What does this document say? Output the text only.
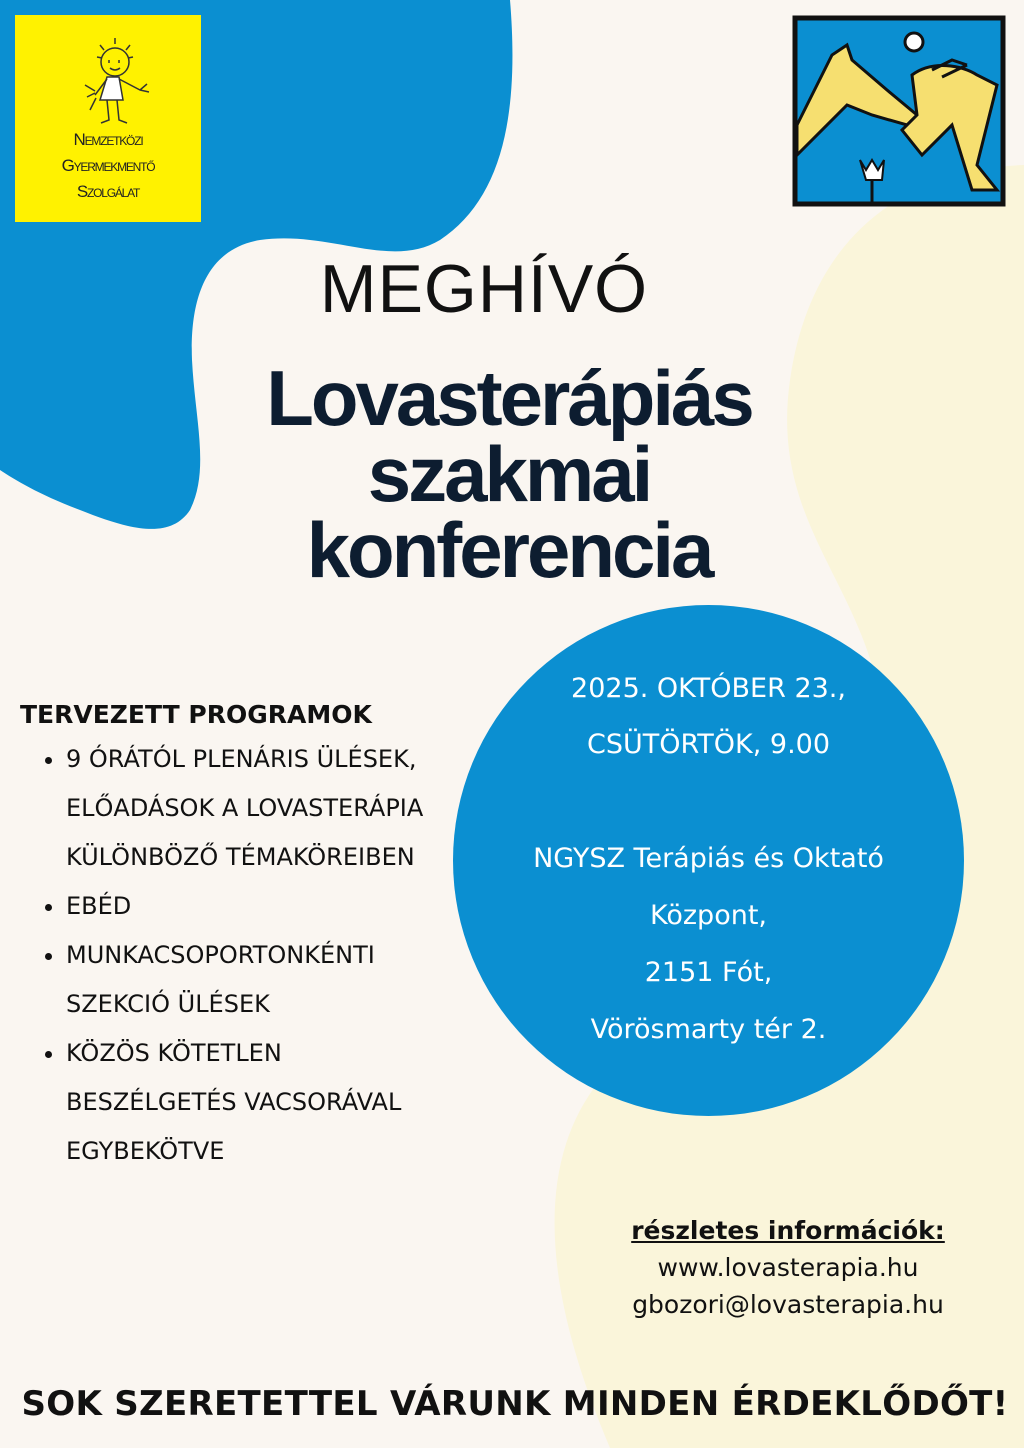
Nemzetközi
Gyermekmentő
Szolgálat
MEGHÍVÓ
Lovasterápiás
szakmai
konferencia
2025. OKTÓBER 23.,
CSÜTÖRTÖK, 9.00
NGYSZ Terápiás és Oktató
Központ,
2151 Fót,
Vörösmarty tér 2.
TERVEZETT PROGRAMOK
• 9 ÓRÁTÓL PLENÁRIS ÜLÉSEK, ELŐADÁSOK A LOVASTERÁPIA KÜLÖNBÖZŐ TÉMAKÖREIBEN
• EBÉD
• MUNKACSOPORTONKÉNTI SZEKCIÓ ÜLÉSEK
• KÖZÖS KÖTETLEN BESZÉLGETÉS VACSORÁVAL EGYBEKÖTVE
részletes információk:
www.lovasterapia.hu
gbozori@lovasterapia.hu
SOK SZERETETTEL VÁRUNK MINDEN ÉRDEKLŐDŐT!
